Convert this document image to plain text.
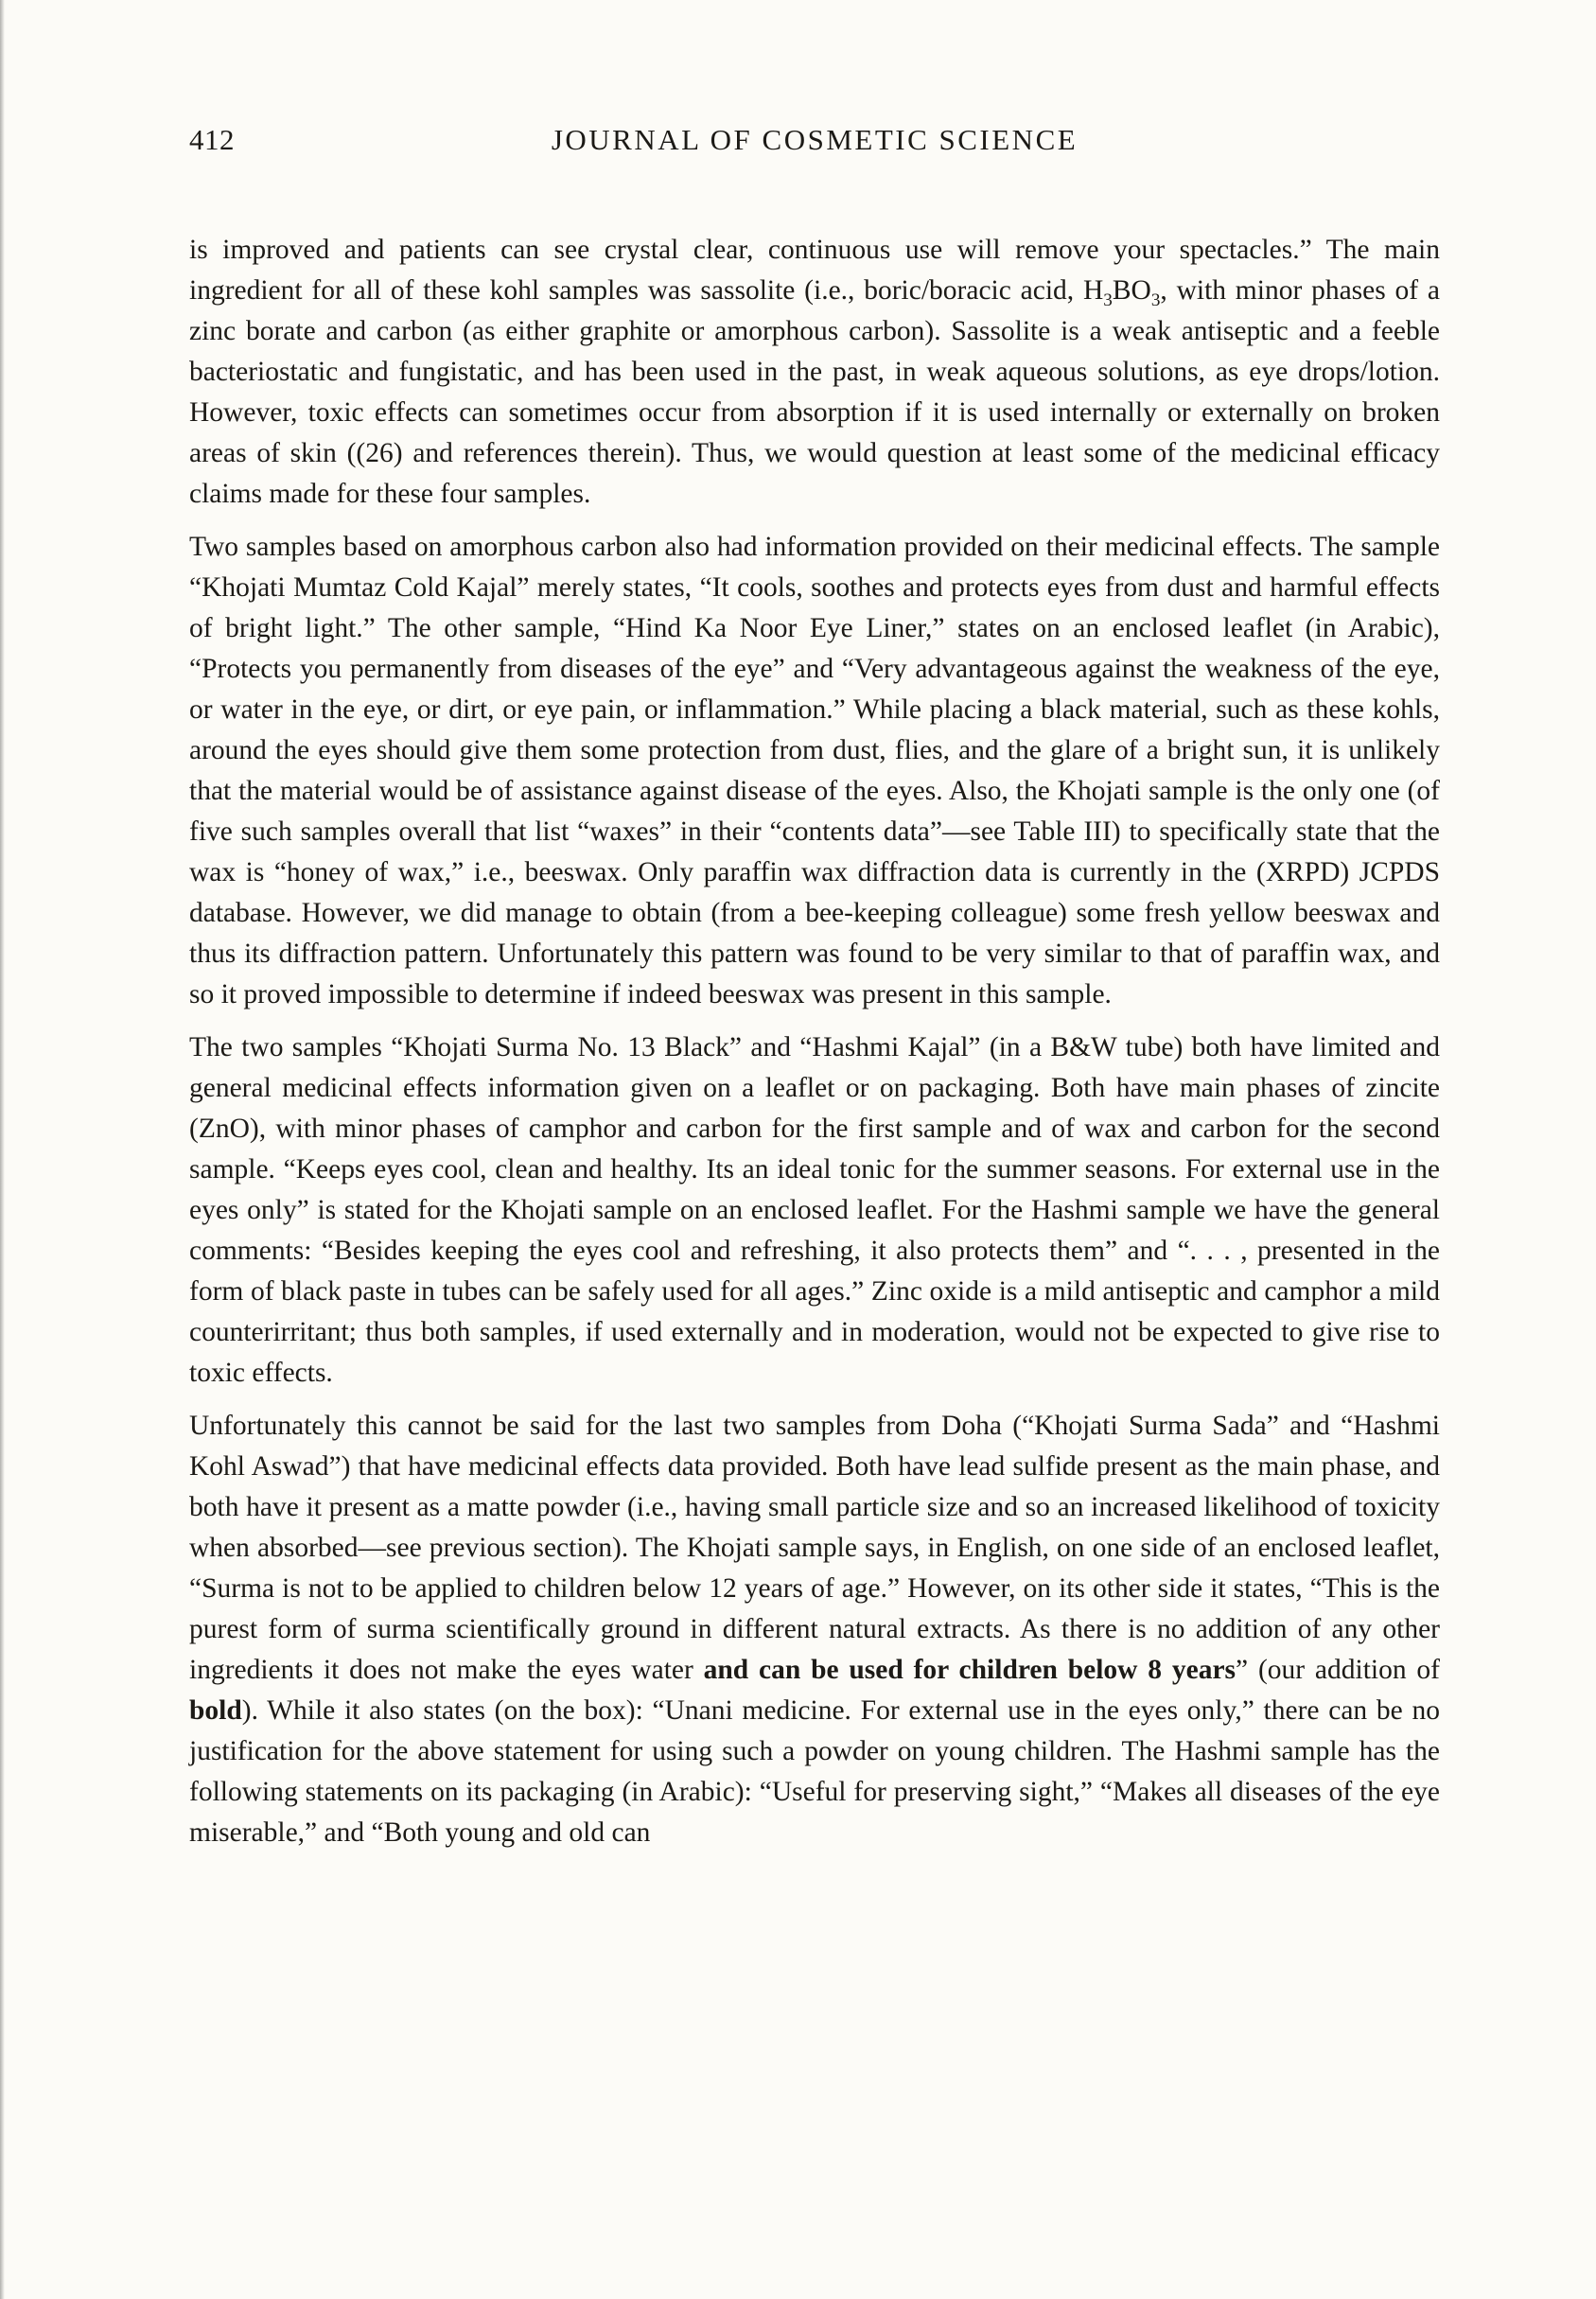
412	JOURNAL OF COSMETIC SCIENCE

is improved and patients can see crystal clear, continuous use will remove your spectacles.” The main ingredient for all of these kohl samples was sassolite (i.e., boric/boracic acid, $H_3BO_3$, with minor phases of a zinc borate and carbon (as either graphite or amorphous carbon). Sassolite is a weak antiseptic and a feeble bacteriostatic and fungistatic, and has been used in the past, in weak aqueous solutions, as eye drops/lotion. However, toxic effects can sometimes occur from absorption if it is used internally or externally on broken areas of skin ((26) and references therein). Thus, we would question at least some of the medicinal efficacy claims made for these four samples.

Two samples based on amorphous carbon also had information provided on their medicinal effects. The sample “Khojati Mumtaz Cold Kajal” merely states, “It cools, soothes and protects eyes from dust and harmful effects of bright light.” The other sample, “Hind Ka Noor Eye Liner,” states on an enclosed leaflet (in Arabic), “Protects you permanently from diseases of the eye” and “Very advantageous against the weakness of the eye, or water in the eye, or dirt, or eye pain, or inflammation.” While placing a black material, such as these kohls, around the eyes should give them some protection from dust, flies, and the glare of a bright sun, it is unlikely that the material would be of assistance against disease of the eyes. Also, the Khojati sample is the only one (of five such samples overall that list “waxes” in their “contents data”—see Table III) to specifically state that the wax is “honey of wax,” i.e., beeswax. Only paraffin wax diffraction data is currently in the (XRPD) JCPDS database. However, we did manage to obtain (from a bee-keeping colleague) some fresh yellow beeswax and thus its diffraction pattern. Unfortunately this pattern was found to be very similar to that of paraffin wax, and so it proved impossible to determine if indeed beeswax was present in this sample.

The two samples “Khojati Surma No. 13 Black” and “Hashmi Kajal” (in a B&W tube) both have limited and general medicinal effects information given on a leaflet or on packaging. Both have main phases of zincite (ZnO), with minor phases of camphor and carbon for the first sample and of wax and carbon for the second sample. “Keeps eyes cool, clean and healthy. Its an ideal tonic for the summer seasons. For external use in the eyes only” is stated for the Khojati sample on an enclosed leaflet. For the Hashmi sample we have the general comments: “Besides keeping the eyes cool and refreshing, it also protects them” and “. . . , presented in the form of black paste in tubes can be safely used for all ages.” Zinc oxide is a mild antiseptic and camphor a mild counterirritant; thus both samples, if used externally and in moderation, would not be expected to give rise to toxic effects.

Unfortunately this cannot be said for the last two samples from Doha (“Khojati Surma Sada” and “Hashmi Kohl Aswad”) that have medicinal effects data provided. Both have lead sulfide present as the main phase, and both have it present as a matte powder (i.e., having small particle size and so an increased likelihood of toxicity when absorbed—see previous section). The Khojati sample says, in English, on one side of an enclosed leaflet, “Surma is not to be applied to children below 12 years of age.” However, on its other side it states, “This is the purest form of surma scientifically ground in different natural extracts. As there is no addition of any other ingredients it does not make the eyes water and can be used for children below 8 years” (our addition of bold). While it also states (on the box): “Unani medicine. For external use in the eyes only,” there can be no justification for the above statement for using such a powder on young children. The Hashmi sample has the following statements on its packaging (in Arabic): “Useful for preserving sight,” “Makes all diseases of the eye miserable,” and “Both young and old can
